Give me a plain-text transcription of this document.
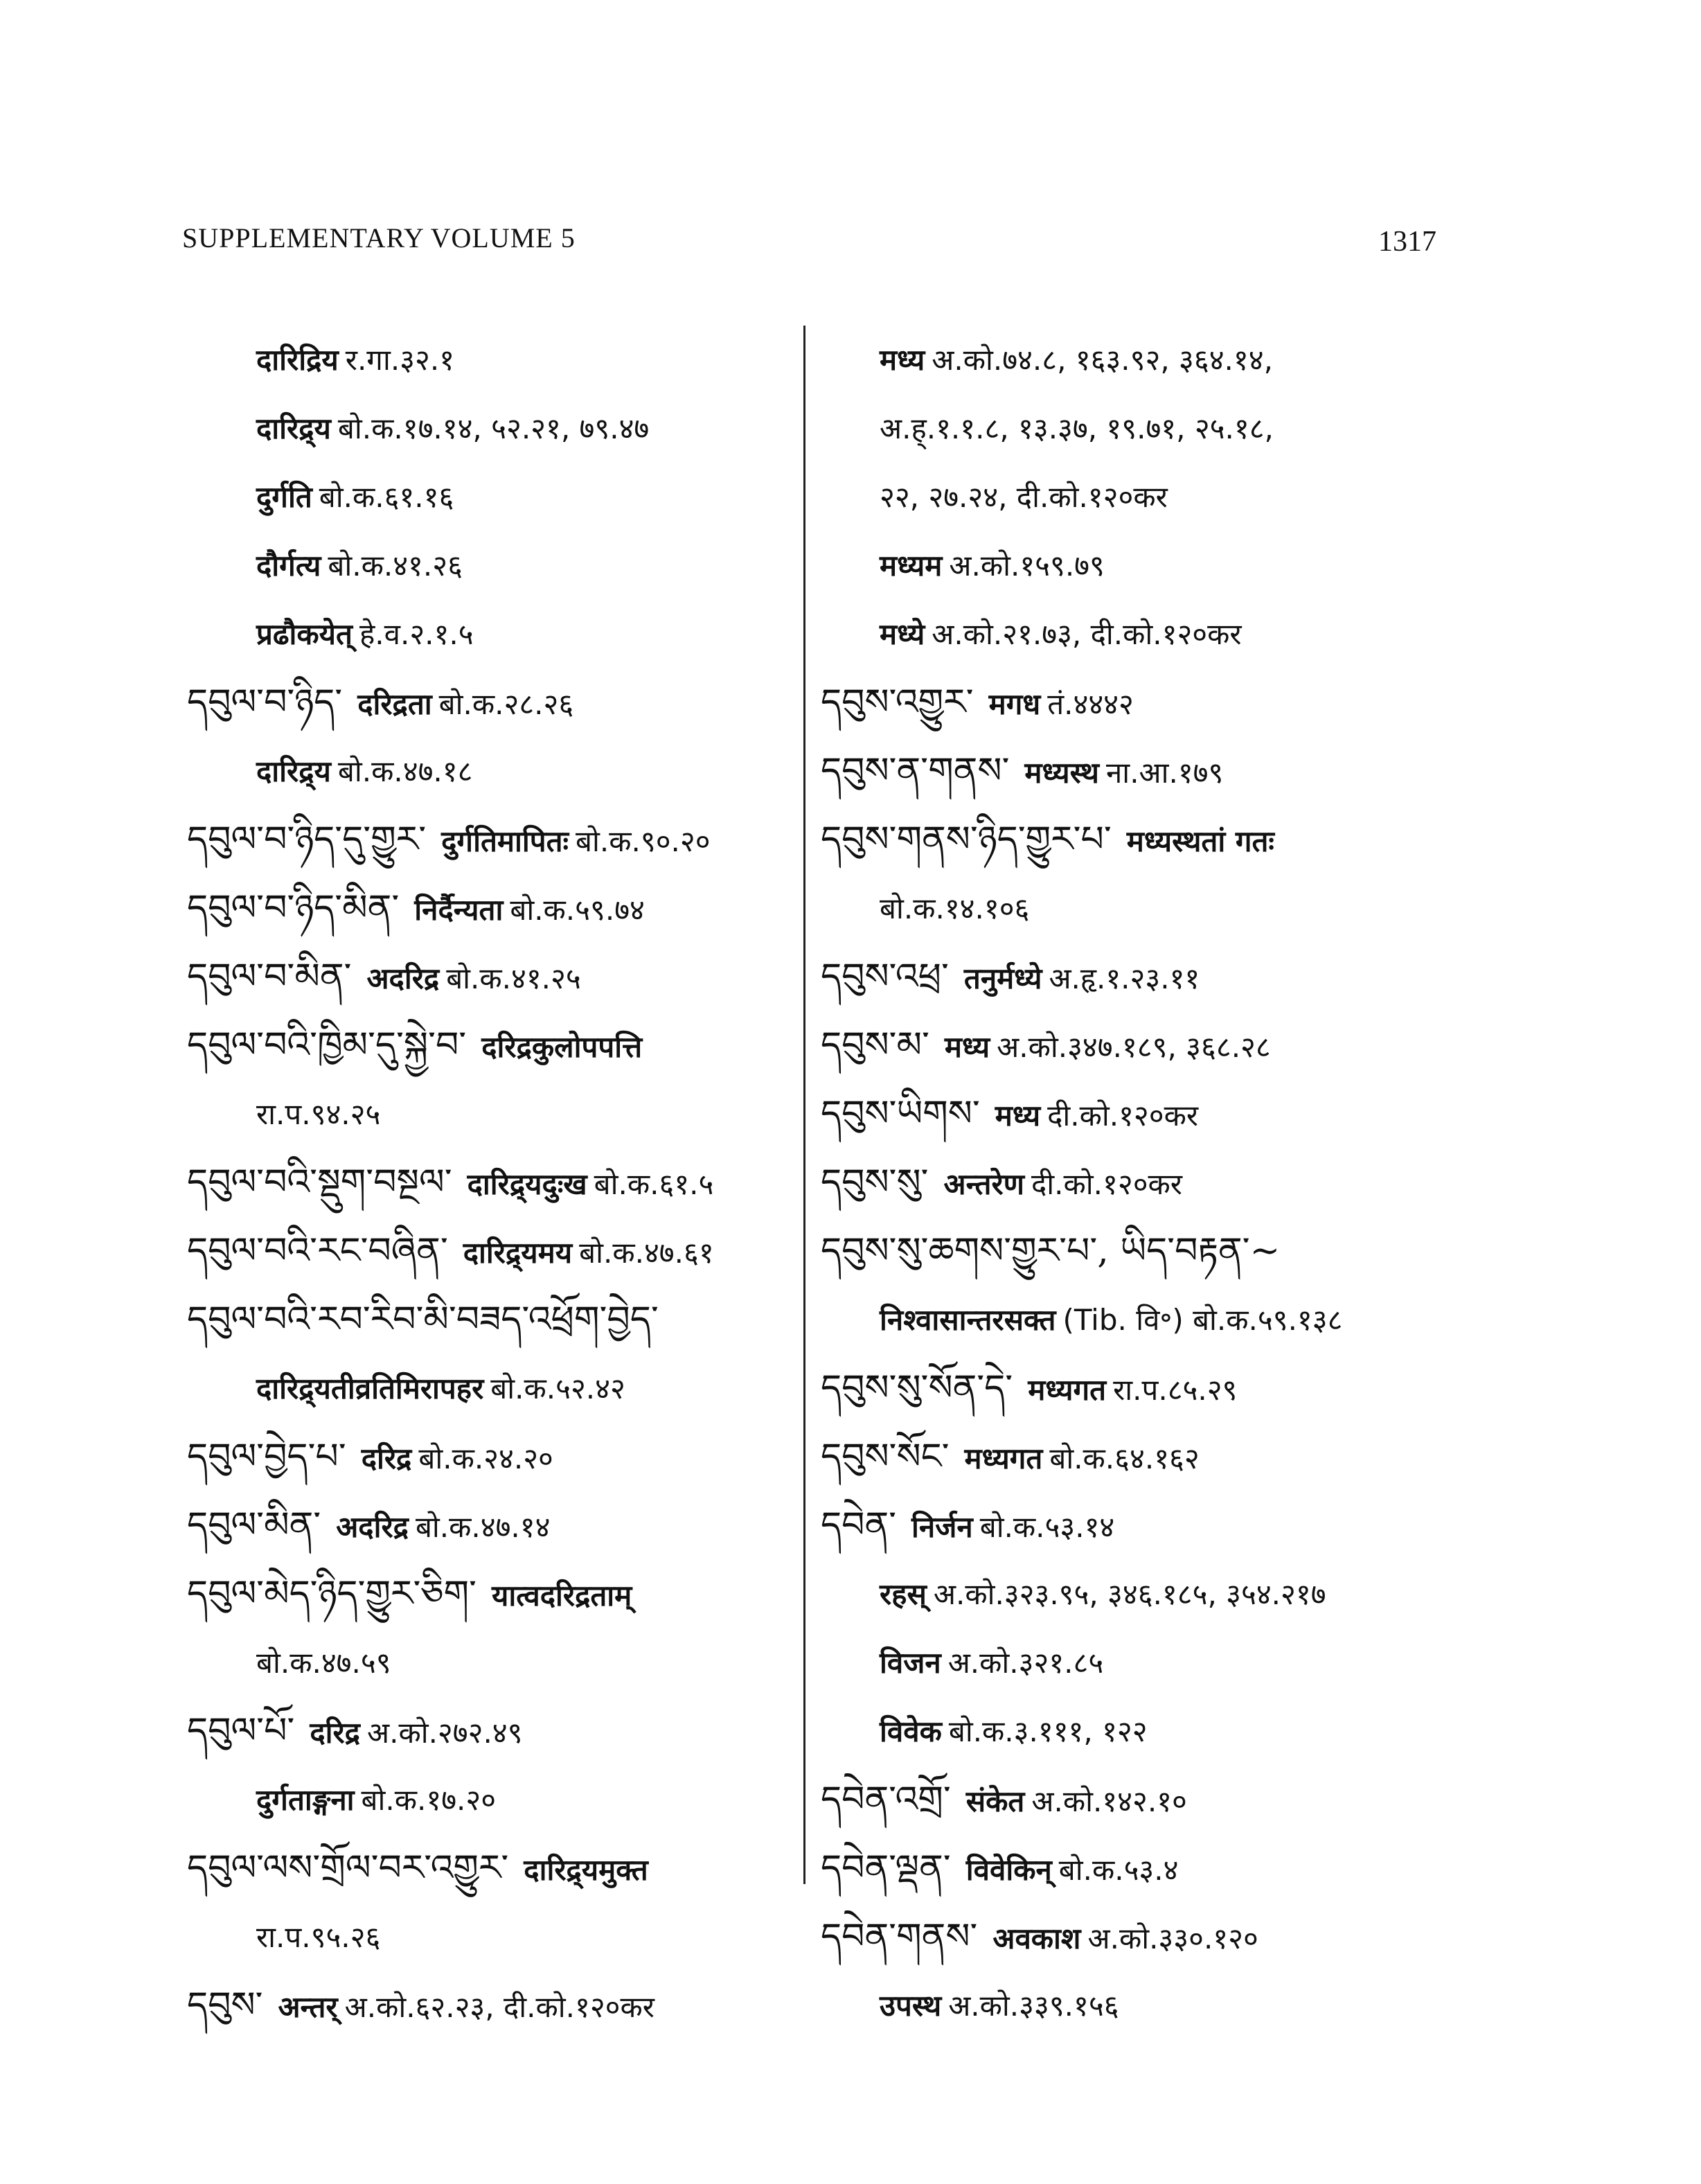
SUPPLEMENTARY VOLUME 5	1317
दारिद्रिय र.गा.३२.१
दारिद्र्य बो.क.१७.१४, ५२.२१, ७९.४७
दुर्गति बो.क.६१.१६
दौर्गत्य बो.क.४१.२६
प्रढौकयेत् हे.व.२.१.५
དབུལ་བ་ཉིད་ दरिद्रता बो.क.२८.२६
दारिद्र्य बो.क.४७.१८
དབུལ་བ་ཉིད་དུ་གྱུར་ दुर्गतिमापितः बो.क.९०.२०
དབུལ་བ་ཉིད་མིན་ निर्दैन्यता बो.क.५९.७४
དབུལ་བ་མིན་ अदरिद्र बो.क.४१.२५
དབུལ་བའི་ཁྱིམ་དུ་སྐྱེ་བ་ दरिद्रकुलोपपत्ति
रा.प.९४.२५
དབུལ་བའི་སྡུག་བསྔལ་ दारिद्र्यदुःख बो.क.६१.५
དབུལ་བའི་རང་བཞིན་ दारिद्र्यमय बो.क.४७.६१
དབུལ་བའི་རབ་རིབ་མི་བཟད་འཕྲོག་བྱེད་
दारिद्र्यतीव्रतिमिरापहर बो.क.५२.४२
དབུལ་བྱེད་པ་ दरिद्र बो.क.२४.२०
དབུལ་མིན་ अदरिद्र बो.क.४७.१४
དབུལ་མེད་ཉིད་གྱུར་ཅིག་ यात्वदरिद्रताम्
बो.क.४७.५९
དབུལ་པོ་ दरिद्र अ.को.२७२.४९
दुर्गताङ्गना बो.क.१७.२०
དབུལ་ལས་གྲོལ་བར་འགྱུར་ दारिद्र्यमुक्त
रा.प.९५.२६
དབུས་ अन्तर् अ.को.६२.२३, दी.को.१२०कर
मध्य अ.को.७४.८, १६३.९२, ३६४.१४,
अ.ह्.१.१.८, १३.३७, १९.७१, २५.१८,
२२, २७.२४, दी.को.१२०कर
मध्यम अ.को.१५९.७९
मध्ये अ.को.२१.७३, दी.को.१२०कर
དབུས་འགྱུར་ मगध तं.४४४२
དབུས་ན་གནས་ मध्यस्थ ना.आ.१७९
དབུས་གནས་ཉིད་གྱུར་པ་ मध्यस्थतां गतः
बो.क.१४.१०६
དབུས་འཕྲ་ तनुर्मध्ये अ.हृ.१.२३.११
དབུས་མ་ मध्य अ.को.३४७.१८९, ३६८.२८
དབུས་ཡིགས་ मध्य दी.को.१२०कर
དབུས་སུ་ अन्तरेण दी.को.१२०कर
དབུས་སུ་ཆགས་གྱུར་པ་, ཡིད་བརྟན་~
निश्वासान्तरसक्त (Tib. वि॰) बो.क.५९.१३८
དབུས་སུ་སོན་དེ་ मध्यगत रा.प.८५.२९
དབུས་སོང་ मध्यगत बो.क.६४.१६२
དབེན་ निर्जन बो.क.५३.१४
रहस् अ.को.३२३.९५, ३४६.१८५, ३५४.२१७
विजन अ.को.३२१.८५
विवेक बो.क.३.१११, १२२
དབེན་འགྲོ་ संकेत अ.को.१४२.१०
དབེན་ལྡན་ विवेकिन् बो.क.५३.४
དབེན་གནས་ अवकाश अ.को.३३०.१२०
उपस्थ अ.को.३३९.१५६
